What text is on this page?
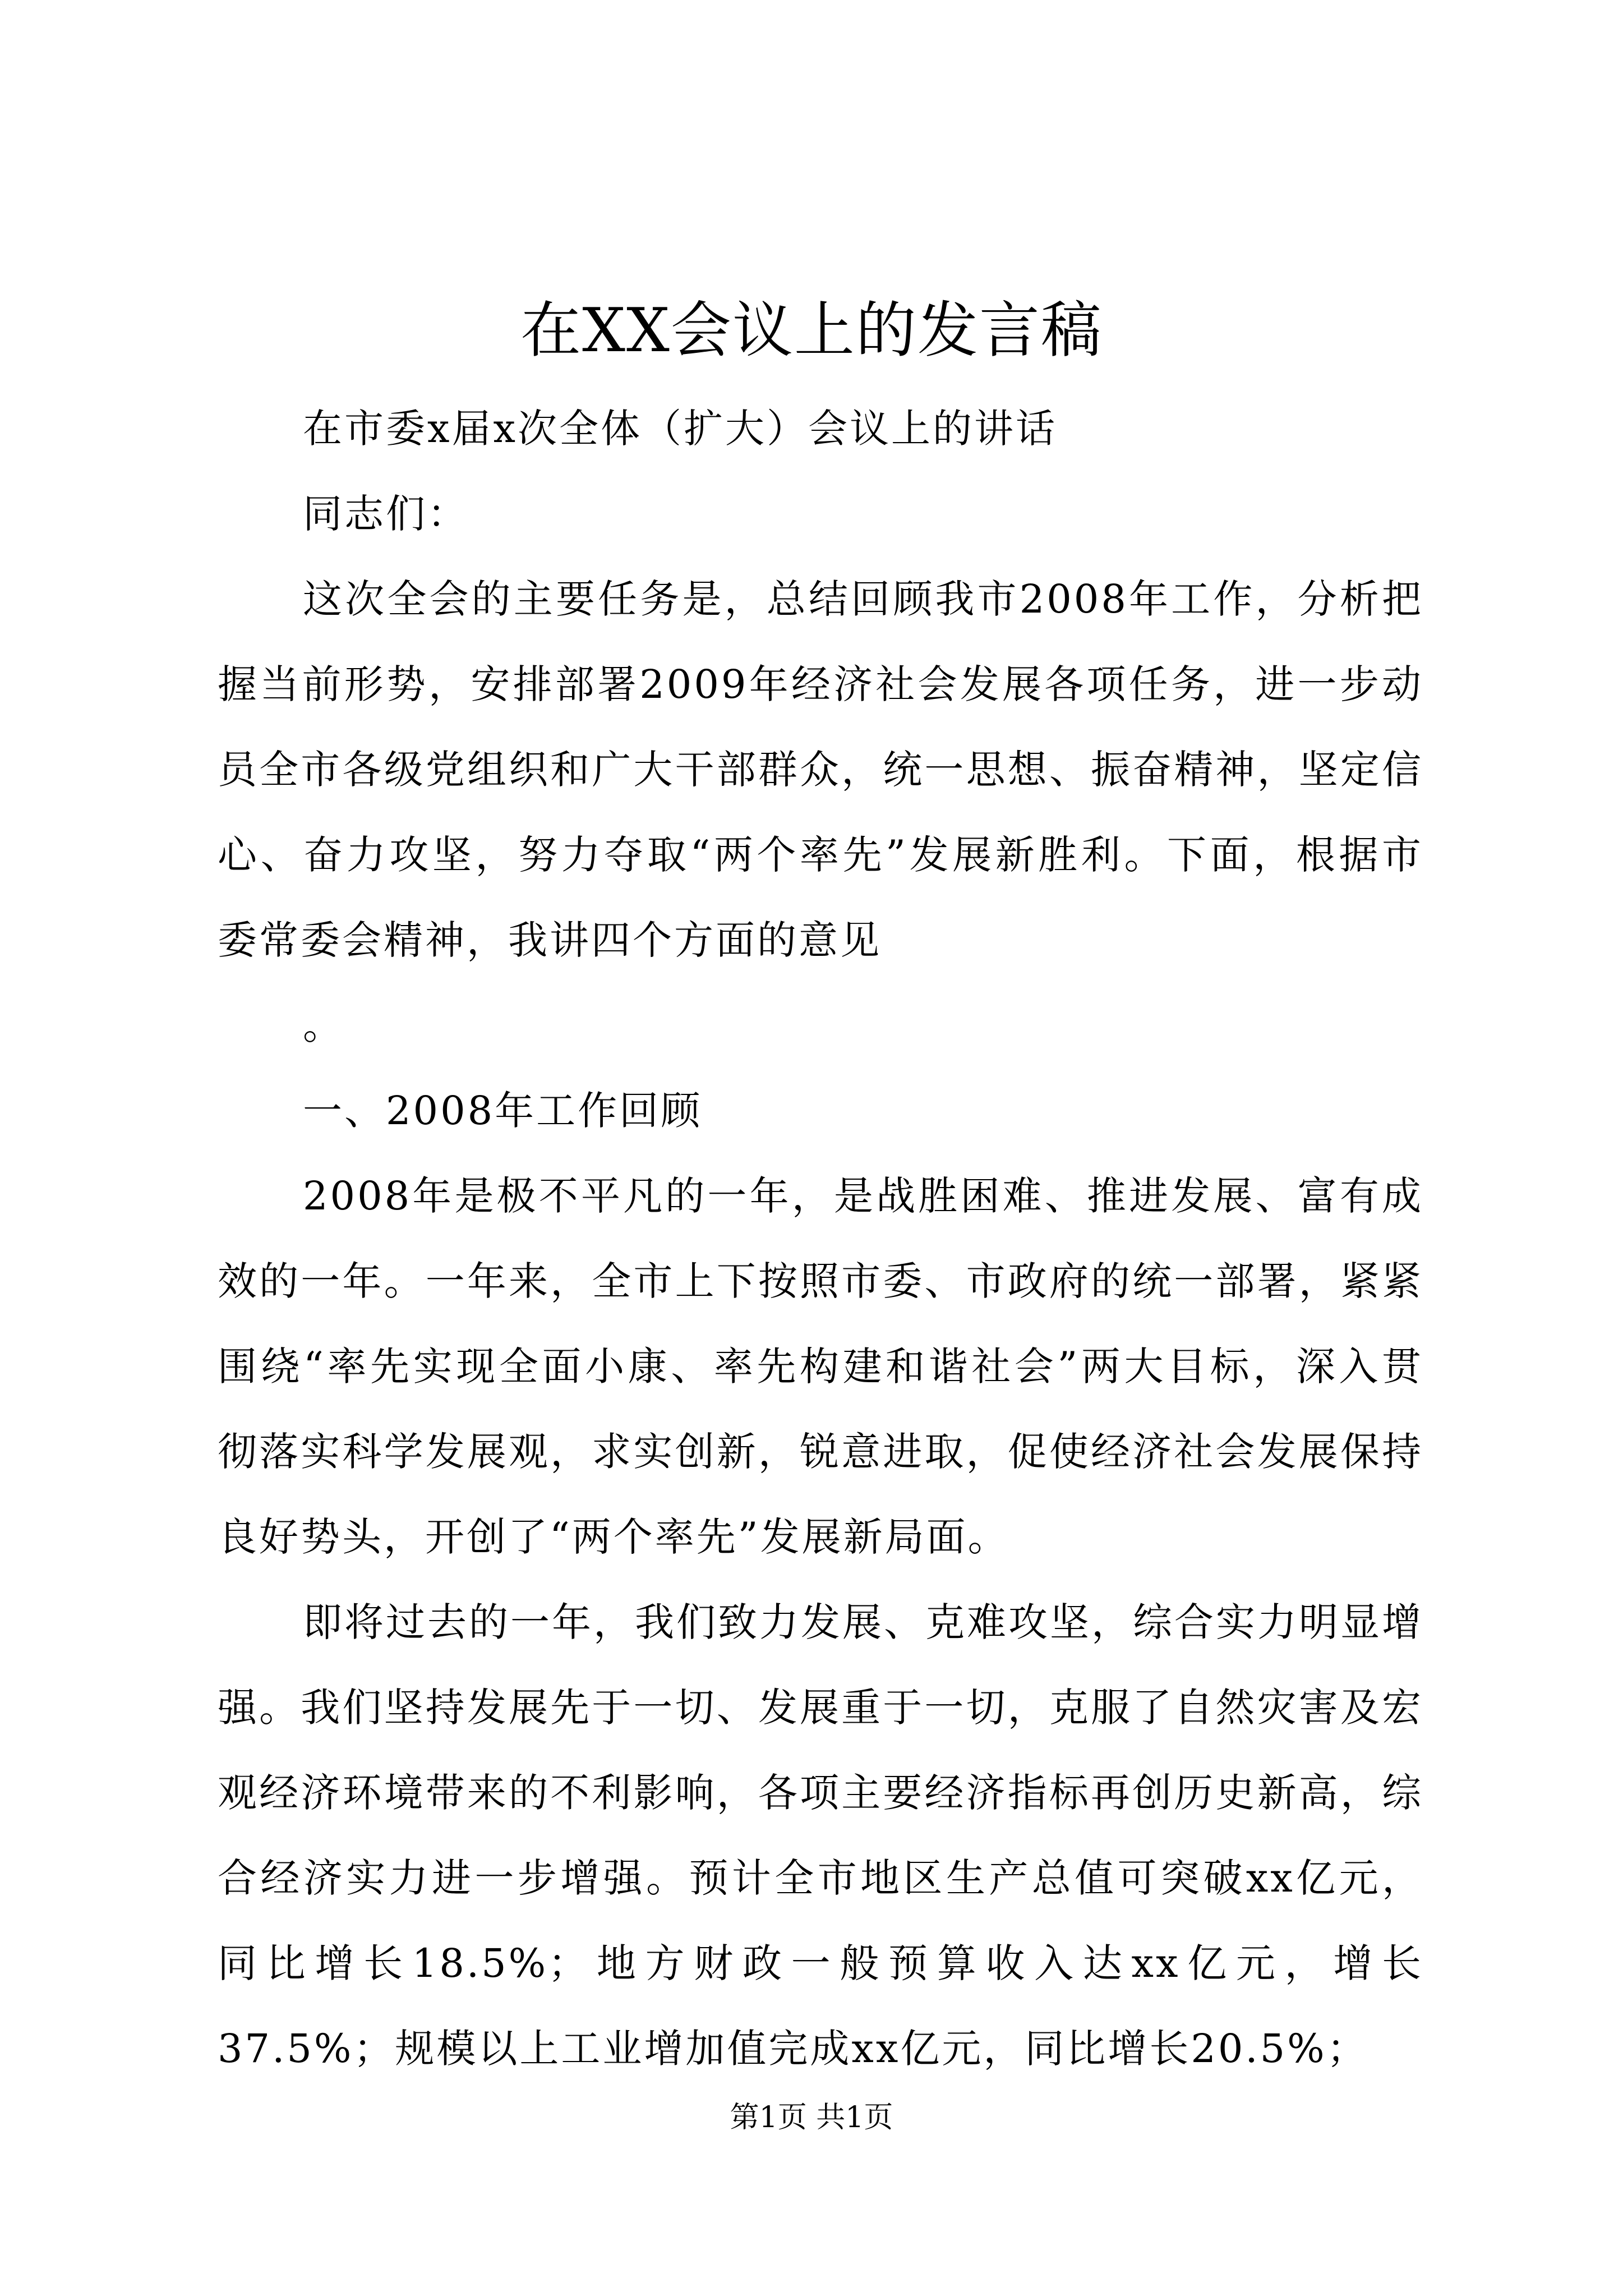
在XX会议上的发言稿

在市委x届x次全体（扩大）会议上的讲话

同志们：

这次全会的主要任务是，总结回顾我市2008年工作，分析把握当前形势，安排部署2009年经济社会发展各项任务，进一步动员全市各级党组织和广大干部群众，统一思想、振奋精神，坚定信心、奋力攻坚，努力夺取“两个率先”发展新胜利。下面，根据市委常委会精神，我讲四个方面的意见

。

一、2008年工作回顾

2008年是极不平凡的一年，是战胜困难、推进发展、富有成效的一年。一年来，全市上下按照市委、市政府的统一部署，紧紧围绕“率先实现全面小康、率先构建和谐社会”两大目标，深入贯彻落实科学发展观，求实创新，锐意进取，促使经济社会发展保持良好势头，开创了“两个率先”发展新局面。

即将过去的一年，我们致力发展、克难攻坚，综合实力明显增强。我们坚持发展先于一切、发展重于一切，克服了自然灾害及宏观经济环境带来的不利影响，各项主要经济指标再创历史新高，综合经济实力进一步增强。预计全市地区生产总值可突破xx亿元，同比增长18.5%；地方财政一般预算收入达xx亿元，增长37.5%；规模以上工业增加值完成xx亿元，同比增长20.5%；

第1页 共1页
